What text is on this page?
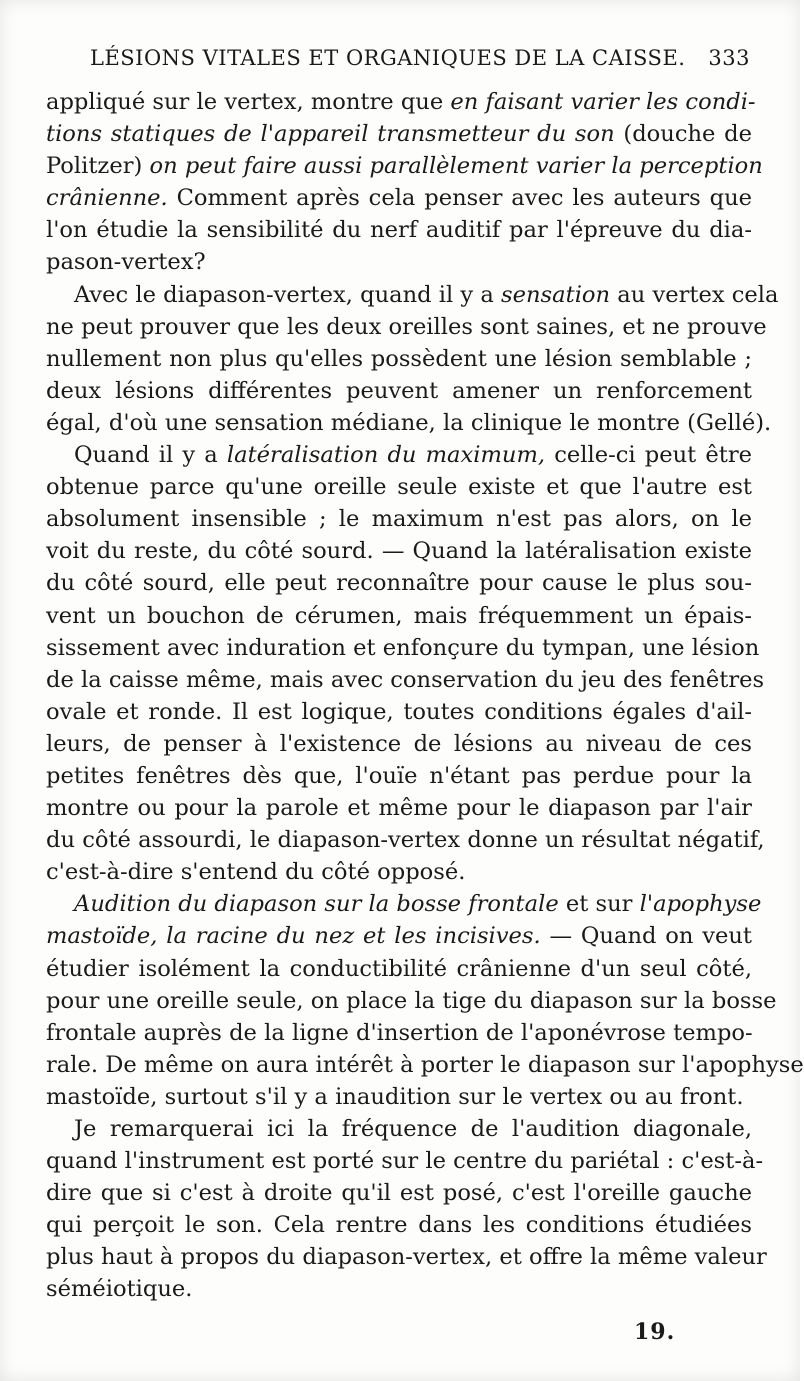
LÉSIONS VITALES ET ORGANIQUES DE LA CAISSE. 333
appliqué sur le vertex, montre que en faisant varier les condi-
tions statiques de l'appareil transmetteur du son (douche de
Politzer) on peut faire aussi parallèlement varier la perception
crânienne. Comment après cela penser avec les auteurs que
l'on étudie la sensibilité du nerf auditif par l'épreuve du dia-
pason-vertex?
Avec le diapason-vertex, quand il y a sensation au vertex cela
ne peut prouver que les deux oreilles sont saines, et ne prouve
nullement non plus qu'elles possèdent une lésion semblable ;
deux lésions différentes peuvent amener un renforcement
égal, d'où une sensation médiane, la clinique le montre (Gellé).
Quand il y a latéralisation du maximum, celle-ci peut être
obtenue parce qu'une oreille seule existe et que l'autre est
absolument insensible ; le maximum n'est pas alors, on le
voit du reste, du côté sourd. — Quand la latéralisation existe
du côté sourd, elle peut reconnaître pour cause le plus sou-
vent un bouchon de cérumen, mais fréquemment un épais-
sissement avec induration et enfonçure du tympan, une lésion
de la caisse même, mais avec conservation du jeu des fenêtres
ovale et ronde. Il est logique, toutes conditions égales d'ail-
leurs, de penser à l'existence de lésions au niveau de ces
petites fenêtres dès que, l'ouïe n'étant pas perdue pour la
montre ou pour la parole et même pour le diapason par l'air
du côté assourdi, le diapason-vertex donne un résultat négatif,
c'est-à-dire s'entend du côté opposé.
Audition du diapason sur la bosse frontale et sur l'apophyse
mastoïde, la racine du nez et les incisives. — Quand on veut
étudier isolément la conductibilité crânienne d'un seul côté,
pour une oreille seule, on place la tige du diapason sur la bosse
frontale auprès de la ligne d'insertion de l'aponévrose tempo-
rale. De même on aura intérêt à porter le diapason sur l'apophyse
mastoïde, surtout s'il y a inaudition sur le vertex ou au front.
Je remarquerai ici la fréquence de l'audition diagonale,
quand l'instrument est porté sur le centre du pariétal : c'est-à-
dire que si c'est à droite qu'il est posé, c'est l'oreille gauche
qui perçoit le son. Cela rentre dans les conditions étudiées
plus haut à propos du diapason-vertex, et offre la même valeur
séméiotique.
19.
